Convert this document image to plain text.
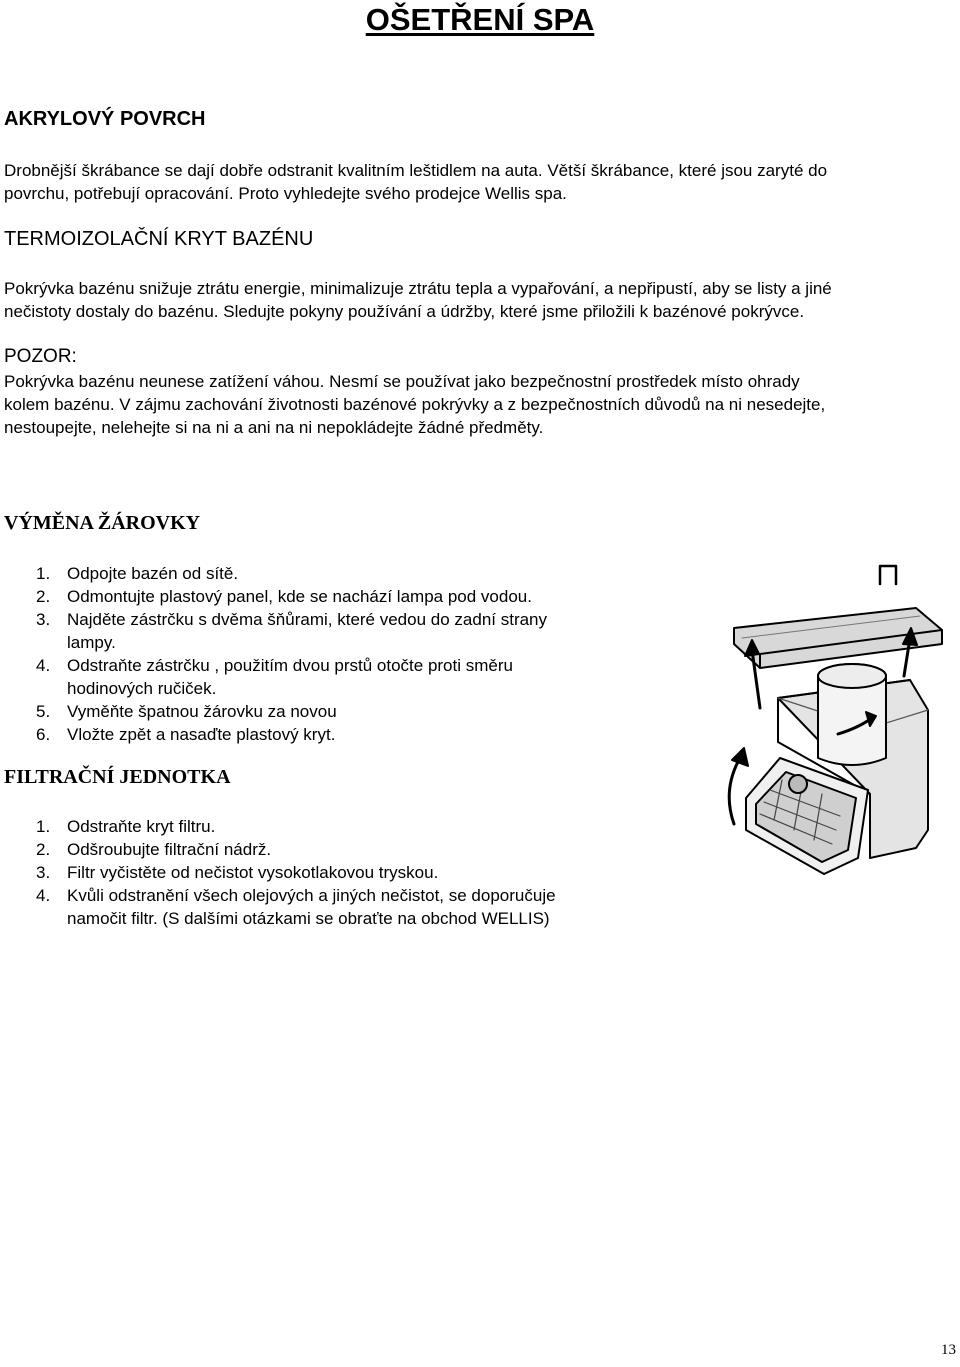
OŠETŘENÍ SPA
AKRYLOVÝ POVRCH

Drobnější škrábance se dají dobře odstranit kvalitním leštidlem na auta. Větší škrábance, které jsou zaryté do

povrchu, potřebují opracování. Proto vyhledejte svého prodejce Wellis spa.

TERMOIZOLAČNÍ KRYT BAZÉNU

Pokrývka bazénu snižuje ztrátu energie, minimalizuje ztrátu tepla a vypařování, a nepřipustí, aby se listy a jiné

nečistoty dostaly do bazénu. Sledujte pokyny používání a údržby, které jsme přiložili k bazénové pokrývce.

POZOR:

Pokrývka bazénu neunese zatížení váhou. Nesmí se používat jako bezpečnostní prostředek místo ohrady

kolem bazénu. V zájmu zachování životnosti bazénové pokrývky a z bezpečnostních důvodů na ni nesedejte,

nestoupejte, nelehejte si na ni a ani na ni nepokládejte žádné předměty.

VÝMĚNA ŽÁROVKY
1. Odpojte bazén od sítě.
2. Odmontujte plastový panel, kde se nachází lampa pod vodou.
3. Najděte zástrčku s dvěma šňůrami, které vedou do zadní strany
lampy.
4. Odstraňte zástrčku , použitím dvou prstů otočte proti směru
hodinových ručiček.
5. Vyměňte špatnou žárovku za novou
6. Vložte zpět a nasaďte plastový kryt.
FILTRAČNÍ JEDNOTKA
1. Odstraňte kryt filtru.
2. Odšroubujte filtrační nádrž.
3. Filtr vyčistěte od nečistot vysokotlakovou tryskou.
4. Kvůli odstranění všech olejových a jiných nečistot, se doporučuje
namočit filtr. (S dalšími otázkami se obraťte na obchod WELLIS)
13
